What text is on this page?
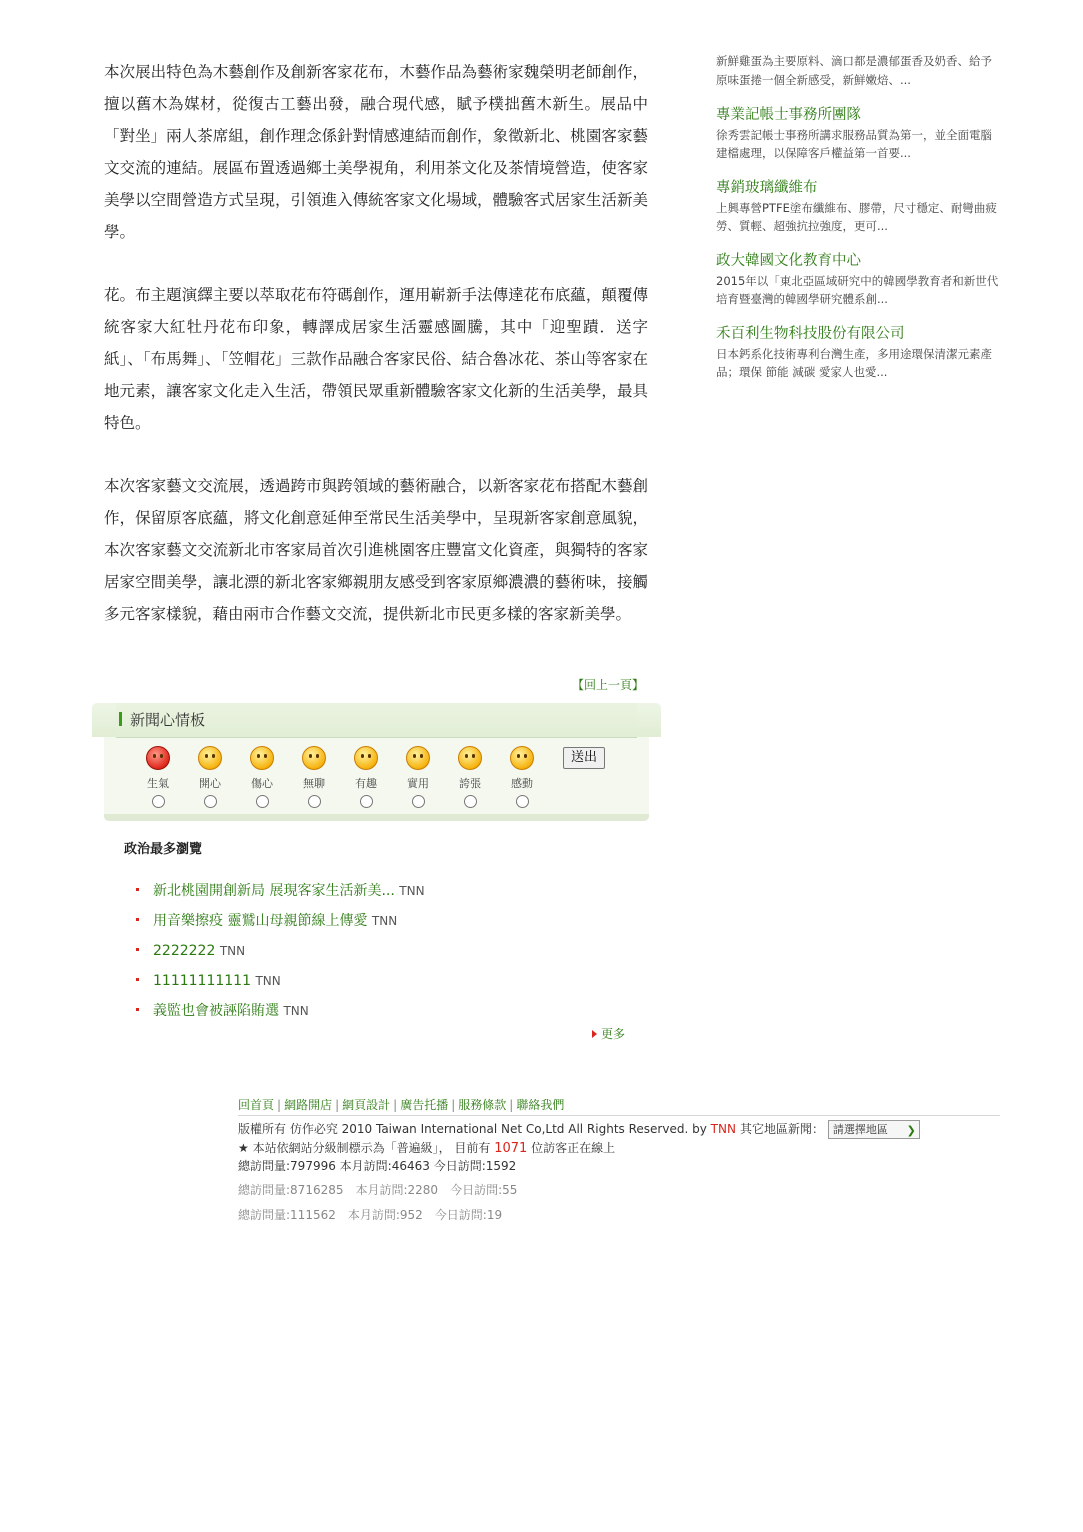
本次展出特色為木藝創作及創新客家花布，木藝作品為藝術家魏榮明老師創作，擅以舊木為媒材，從復古工藝出發，融合現代感，賦予樸拙舊木新生。展品中「對坐」兩人茶席組，創作理念係針對情感連結而創作，象徵新北、桃園客家藝文交流的連結。展區布置透過鄉土美學視角，利用茶文化及茶情境營造，使客家美學以空間營造方式呈現，引領進入傳統客家文化場域，體驗客式居家生活新美學。

花。布主題演繹主要以萃取花布符碼創作，運用嶄新手法傳達花布底蘊，顛覆傳統客家大紅牡丹花布印象，轉譯成居家生活靈感圖騰，其中「迎聖蹟．送字紙」、「布馬舞」、「笠帽花」三款作品融合客家民俗、結合魯冰花、茶山等客家在地元素，讓客家文化走入生活，帶領民眾重新體驗客家文化新的生活美學，最具特色。

本次客家藝文交流展，透過跨市與跨領域的藝術融合，以新客家花布搭配木藝創作，保留原客底蘊，將文化創意延伸至常民生活美學中，呈現新客家創意風貌，本次客家藝文交流新北市客家局首次引進桃園客庄豐富文化資產，與獨特的客家居家空間美學，讓北漂的新北客家鄉親朋友感受到客家原鄉濃濃的藝術味，接觸多元客家樣貌，藉由兩市合作藝文交流，提供新北市民更多樣的客家新美學。

【回上一頁】
新聞心情板
生氣	開心	傷心	無聊	有趣	實用	誇張	感動
送出
政治最多瀏覽
新北桃園開創新局 展現客家生活新美... TNN
用音樂擦疫 靈鷲山母親節線上傳愛 TNN
2222222 TNN
11111111111 TNN
義監也會被誣陷賄選 TNN
更多
新鮮雞蛋為主要原料、滴口都是濃郁蛋香及奶香、給予原味蛋捲一個全新感受，新鮮嫩焙、...
專業記帳士事務所團隊
徐秀雲記帳士事務所講求服務品質為第一，並全面電腦建檔處理，以保障客戶權益第一首要...
專銷玻璃纖維布
上興專營PTFE塗布纖維布、膠帶，尺寸穩定、耐彎曲疲勞、質輕、超強抗拉強度，更可...
政大韓國文化教育中心
2015年以「東北亞區域研究中的韓國學教育者和新世代培育暨臺灣的韓國學研究體系創...
禾百利生物科技股份有限公司
日本鈣系化技術專利台灣生產，多用途環保清潔元素產品；環保 節能 減碳 愛家人也愛...
回首頁 | 網路開店 | 網頁設計 | 廣告托播 | 服務條款 | 聯絡我們
版權所有 仿作必究 2010 Taiwan International Net Co,Ltd All Rights Reserved. by TNN 其它地區新聞： 請選擇地區 ❯
★ 本站依網站分級制標示為「普遍級」， 目前有 1071 位訪客正在線上
總訪問量:797996 本月訪問:46463 今日訪問:1592
總訪問量:8716285　本月訪問:2280　今日訪問:55
總訪問量:111562　本月訪問:952　今日訪問:19
